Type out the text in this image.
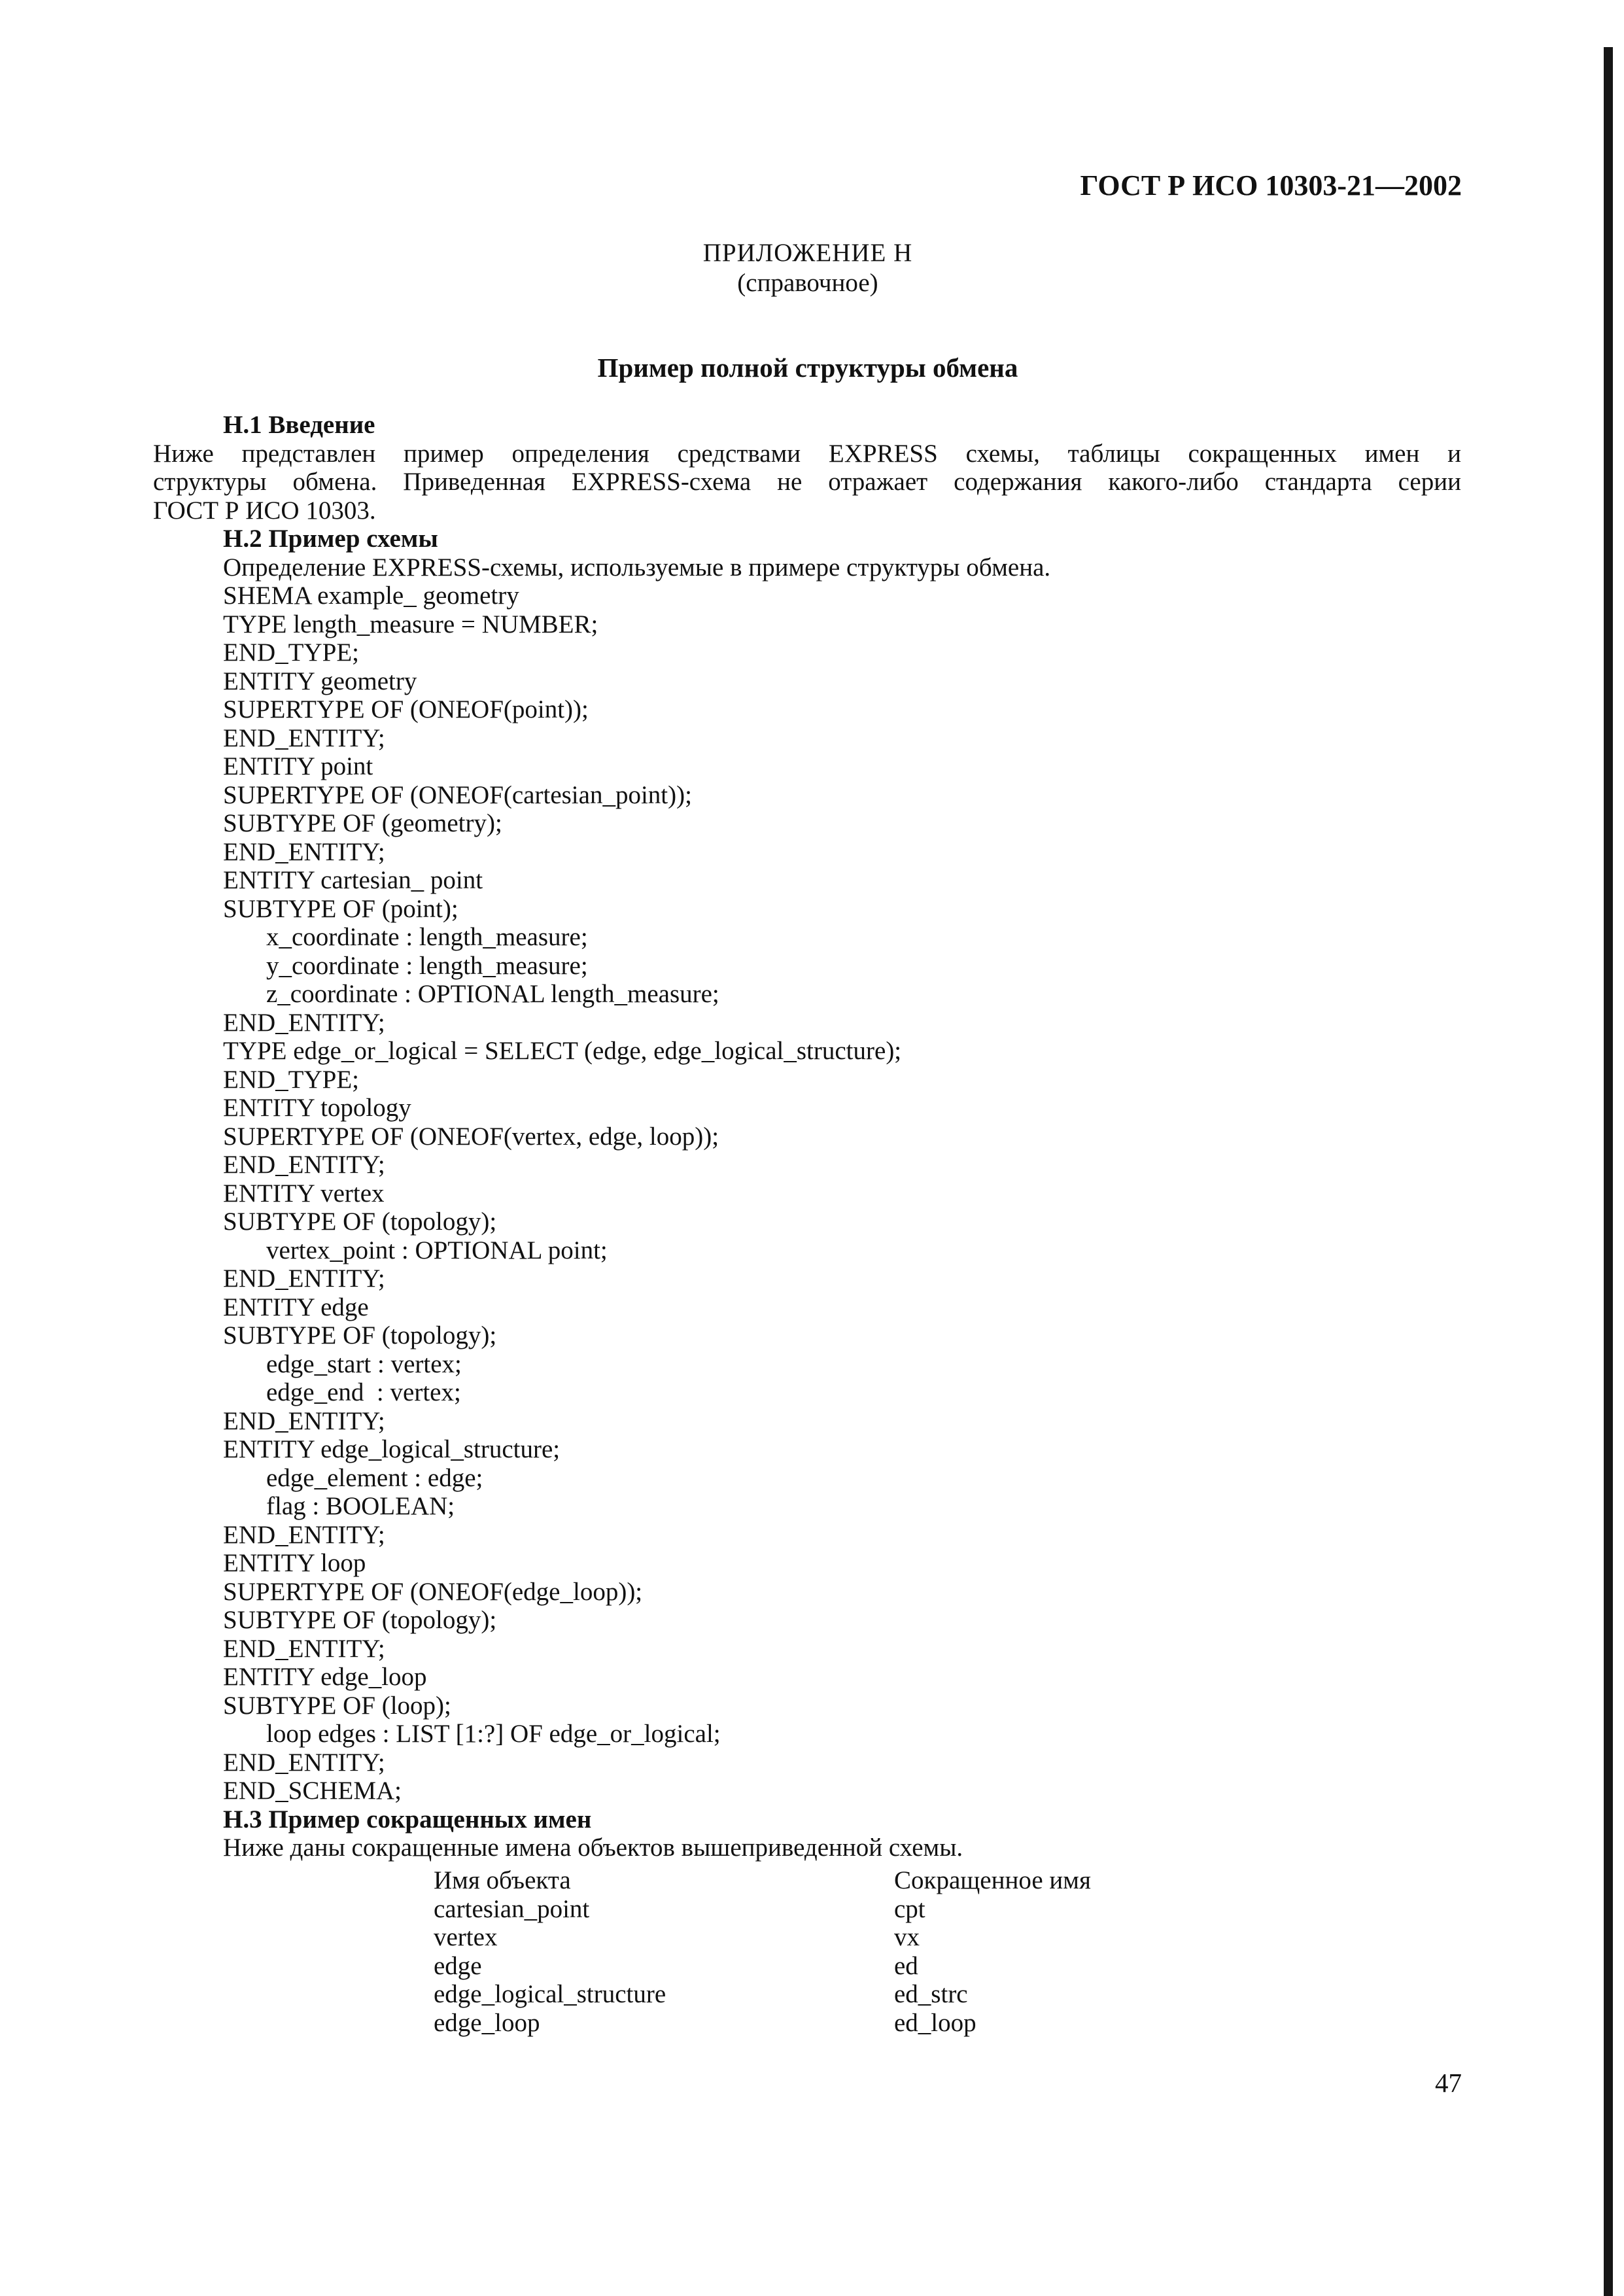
ГОСТ Р ИСО 10303-21—2002
ПРИЛОЖЕНИЕ Н
(справочное)
Пример полной структуры обмена
Н.1 Введение
Ниже представлен пример определения средствами EXPRESS схемы, таблицы сокращенных имен и
структуры обмена. Приведенная EXPRESS-схема не отражает содержания какого-либо стандарта серии
ГОСТ Р ИСО 10303.
Н.2 Пример схемы
Определение EXPRESS-схемы, используемые в примере структуры обмена.
SHEMA example_ geometry
TYPE length_measure = NUMBER;
END_TYPE;
ENTITY geometry
SUPERTYPE OF (ONEOF(point));
END_ENTITY;
ENTITY point
SUPERTYPE OF (ONEOF(cartesian_point));
SUBTYPE OF (geometry);
END_ENTITY;
ENTITY cartesian_ point
SUBTYPE OF (point);
x_coordinate : length_measure;
y_coordinate : length_measure;
z_coordinate : OPTIONAL length_measure;
END_ENTITY;
TYPE edge_or_logical = SELECT (edge, edge_logical_structure);
END_TYPE;
ENTITY topology
SUPERTYPE OF (ONEOF(vertex, edge, loop));
END_ENTITY;
ENTITY vertex
SUBTYPE OF (topology);
vertex_point : OPTIONAL point;
END_ENTITY;
ENTITY edge
SUBTYPE OF (topology);
edge_start : vertex;
edge_end  : vertex;
END_ENTITY;
ENTITY edge_logical_structure;
edge_element : edge;
flag : BOOLEAN;
END_ENTITY;
ENTITY loop
SUPERTYPE OF (ONEOF(edge_loop));
SUBTYPE OF (topology);
END_ENTITY;
ENTITY edge_loop
SUBTYPE OF (loop);
loop edges : LIST [1:?] OF edge_or_logical;
END_ENTITY;
END_SCHEMA;
Н.3 Пример сокращенных имен
Ниже даны сокращенные имена объектов вышеприведенной схемы.
Имя объекта	Сокращенное имя
cartesian_point	cpt
vertex	vx
edge	ed
edge_logical_structure	ed_strc
edge_loop	ed_loop
47
